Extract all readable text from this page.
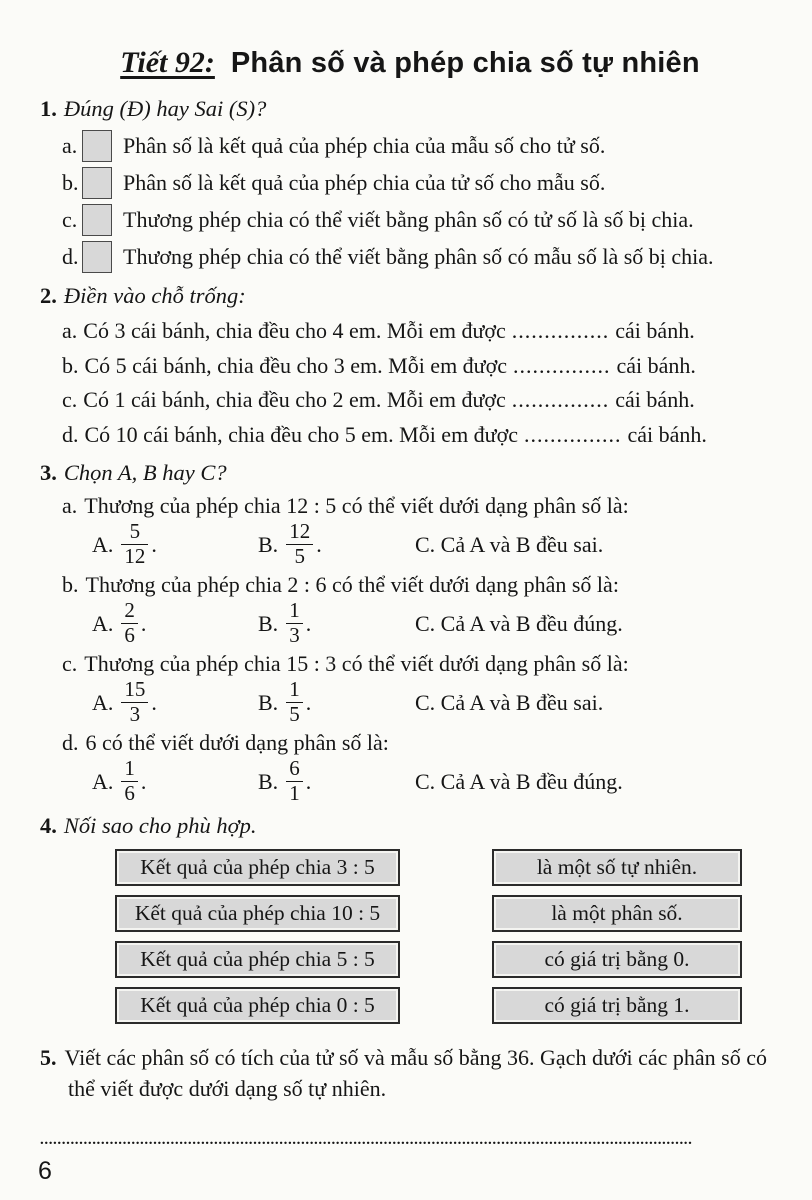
Tiết 92: Phân số và phép chia số tự nhiên
1. Đúng (Đ) hay Sai (S)?
a. Phân số là kết quả của phép chia của mẫu số cho tử số.
b. Phân số là kết quả của phép chia của tử số cho mẫu số.
c. Thương phép chia có thể viết bằng phân số có tử số là số bị chia.
d. Thương phép chia có thể viết bằng phân số có mẫu số là số bị chia.
2. Điền vào chỗ trống:
a. Có 3 cái bánh, chia đều cho 4 em. Mỗi em được ............... cái bánh.
b. Có 5 cái bánh, chia đều cho 3 em. Mỗi em được ............... cái bánh.
c. Có 1 cái bánh, chia đều cho 2 em. Mỗi em được ............... cái bánh.
d. Có 10 cái bánh, chia đều cho 5 em. Mỗi em được ............... cái bánh.
3. Chọn A, B hay C?
a. Thương của phép chia 12 : 5 có thể viết dưới dạng phân số là:
A. $\frac{5}{12}$ .	B. $\frac{12}{5}$ .	C. Cả A và B đều sai.
b. Thương của phép chia 2 : 6 có thể viết dưới dạng phân số là:
A. $\frac{2}{6}$ .	B. $\frac{1}{3}$ .	C. Cả A và B đều đúng.
c. Thương của phép chia 15 : 3 có thể viết dưới dạng phân số là:
A. $\frac{15}{3}$ .	B. $\frac{1}{5}$ .	C. Cả A và B đều sai.
d. 6 có thể viết dưới dạng phân số là:
A. $\frac{1}{6}$ .	B. $\frac{6}{1}$ .	C. Cả A và B đều đúng.
4. Nối sao cho phù hợp.
Kết quả của phép chia 3 : 5
Kết quả của phép chia 10 : 5
Kết quả của phép chia 5 : 5
Kết quả của phép chia 0 : 5
là một số tự nhiên.
là một phân số.
có giá trị bằng 0.
có giá trị bằng 1.
5. Viết các phân số có tích của tử số và mẫu số bằng 36. Gạch dưới các phân số có thể viết được dưới dạng số tự nhiên.
......................................................................................................................................................
6
